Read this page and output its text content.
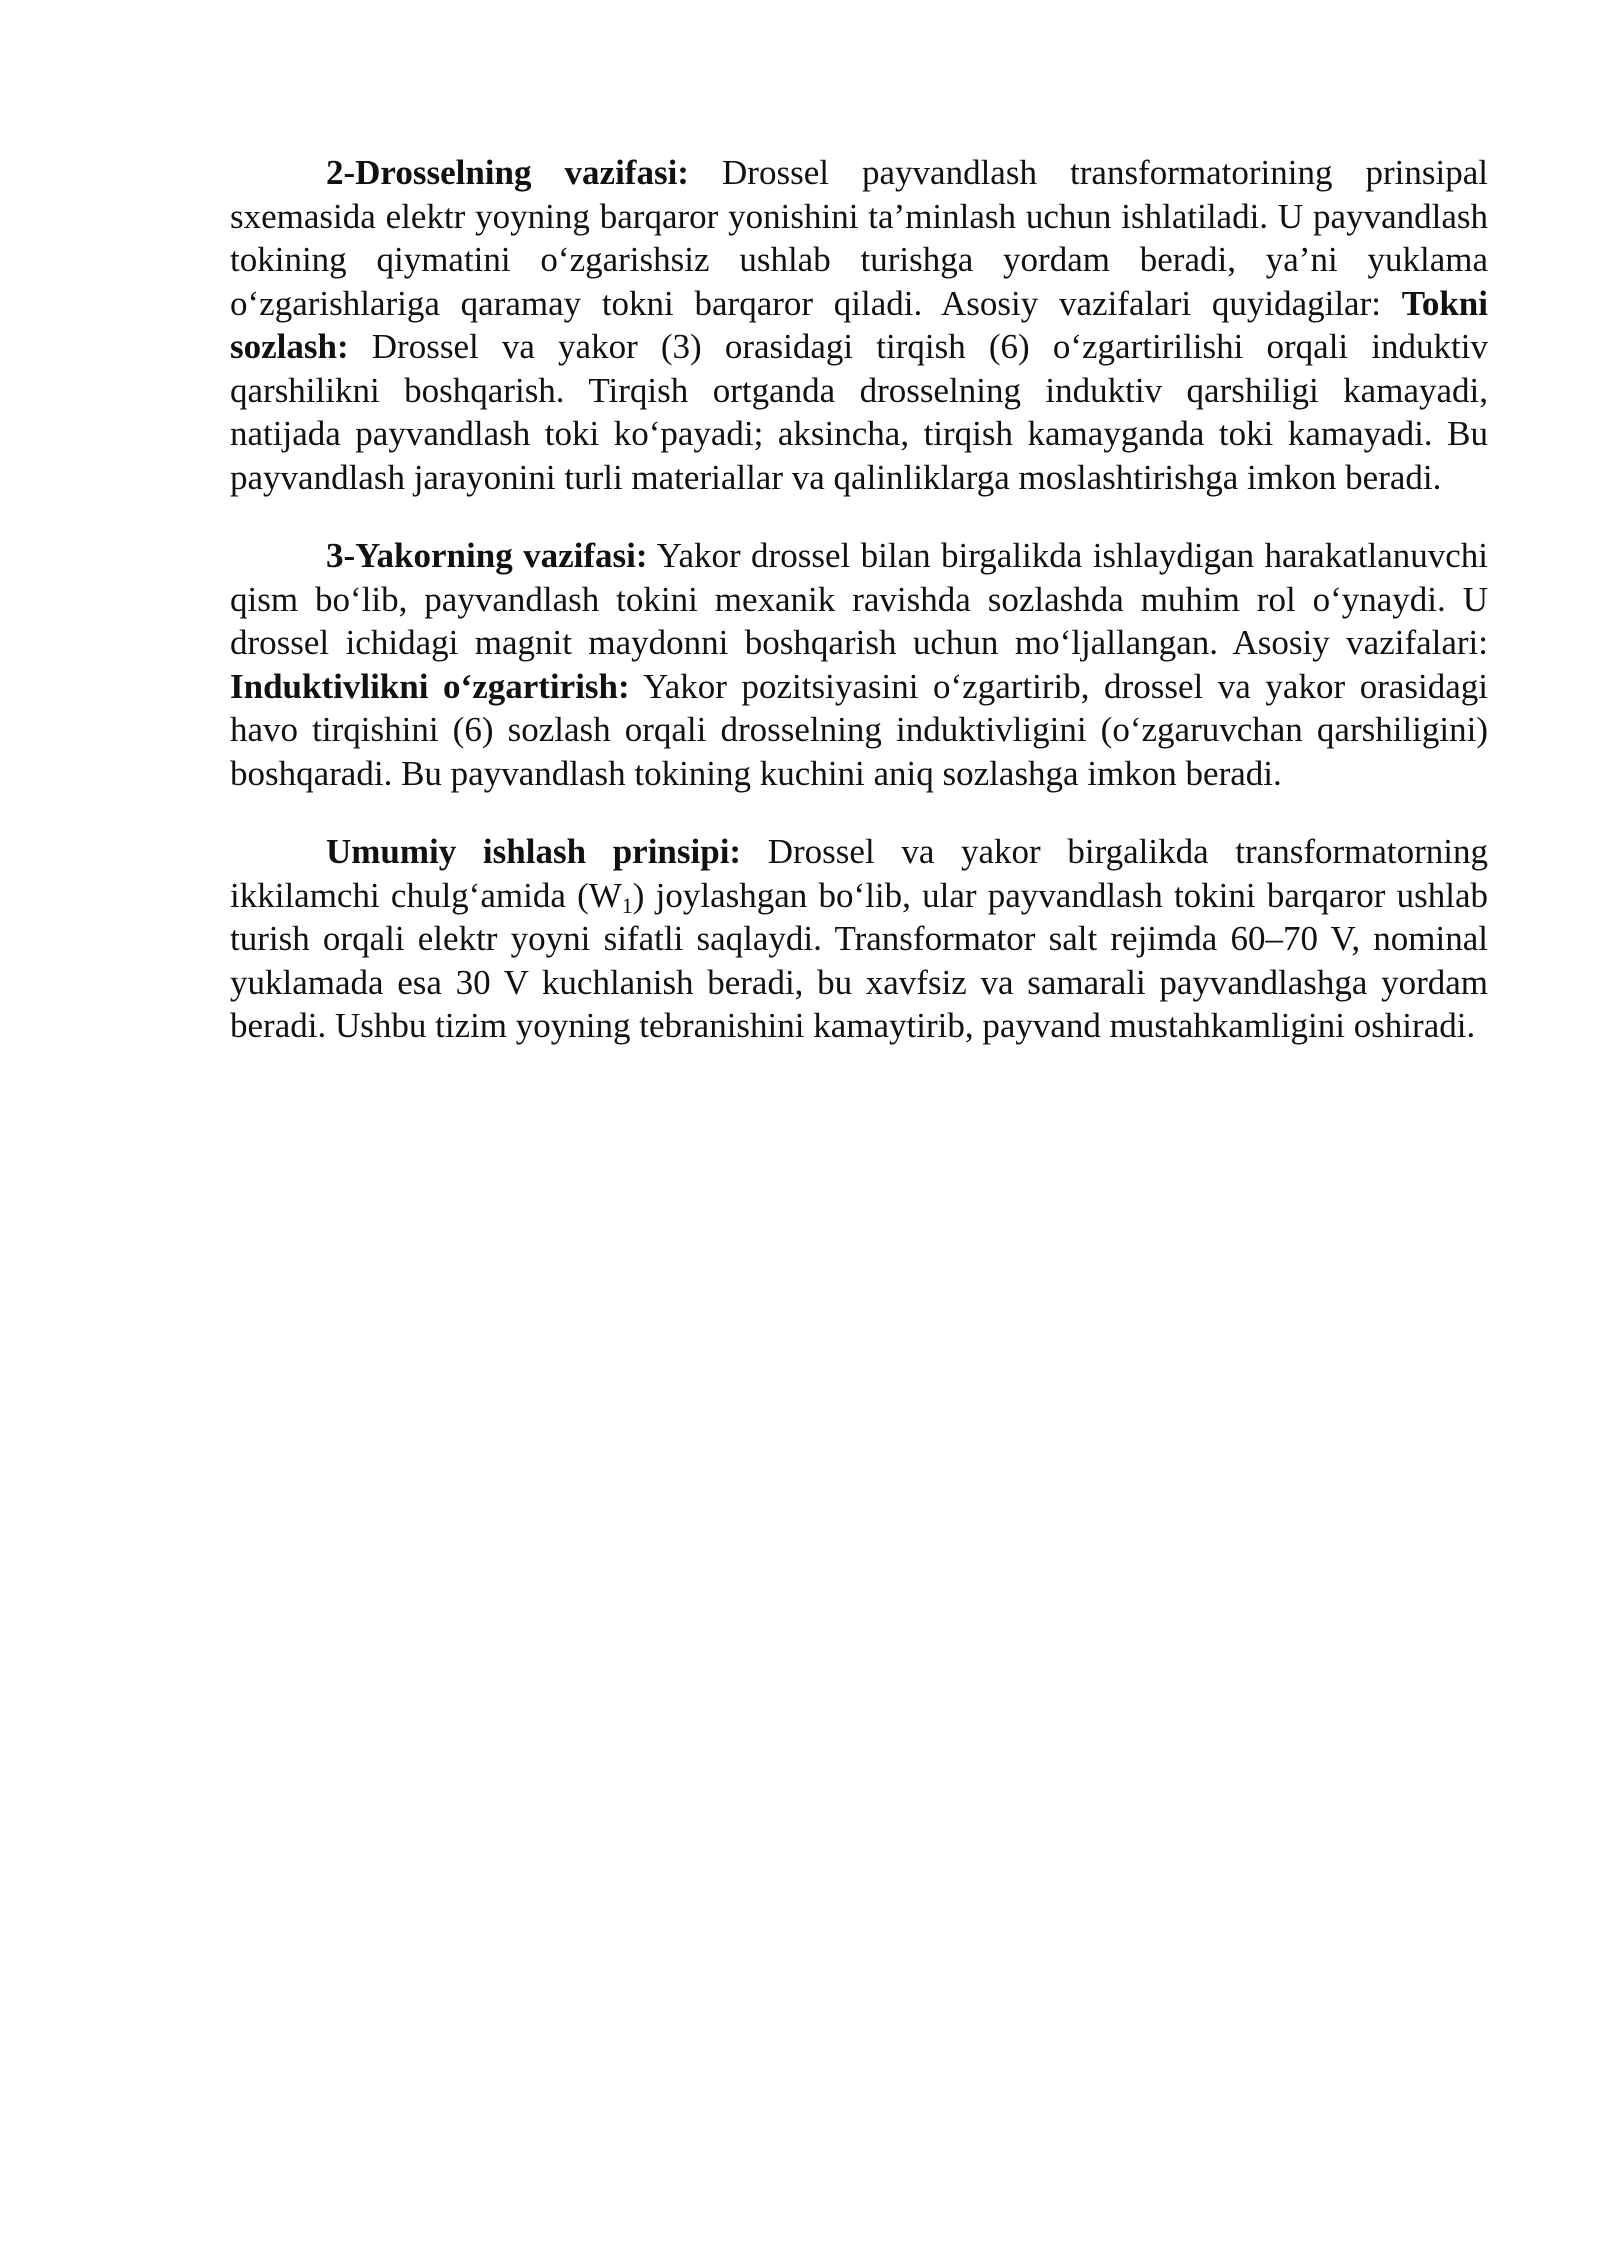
2-Drosselning vazifasi: Drossel payvandlash transformatorining prinsipal sxemasida elektr yoyning barqaror yonishini ta’minlash uchun ishlatiladi. U payvandlash tokining qiymatini o‘zgarishsiz ushlab turishga yordam beradi, ya’ni yuklama o‘zgarishlariga qaramay tokni barqaror qiladi. Asosiy vazifalari quyidagilar: Tokni sozlash: Drossel va yakor (3) orasidagi tirqish (6) o‘zgartirilishi orqali induktiv qarshilikni boshqarish. Tirqish ortganda drosselning induktiv qarshiligi kamayadi, natijada payvandlash toki ko‘payadi; aksincha, tirqish kamayganda toki kamayadi. Bu payvandlash jarayonini turli materiallar va qalinliklarga moslashtirishga imkon beradi.

3-Yakorning vazifasi: Yakor drossel bilan birgalikda ishlaydigan harakatlanuvchi qism bo‘lib, payvandlash tokini mexanik ravishda sozlashda muhim rol o‘ynaydi. U drossel ichidagi magnit maydonni boshqarish uchun mo‘ljallangan. Asosiy vazifalari: Induktivlikni o‘zgartirish: Yakor pozitsiyasini o‘zgartirib, drossel va yakor orasidagi havo tirqishini (6) sozlash orqali drosselning induktivligini (o‘zgaruvchan qarshiligini) boshqaradi. Bu payvandlash tokining kuchini aniq sozlashga imkon beradi.

Umumiy ishlash prinsipi: Drossel va yakor birgalikda transformatorning ikkilamchi chulg‘amida $(W_1)$ joylashgan bo‘lib, ular payvandlash tokini barqaror ushlab turish orqali elektr yoyni sifatli saqlaydi. Transformator salt rejimda 60–70 V, nominal yuklamada esa 30 V kuchlanish beradi, bu xavfsiz va samarali payvandlashga yordam beradi. Ushbu tizim yoyning tebranishini kamaytirib, payvand mustahkamligini oshiradi.
